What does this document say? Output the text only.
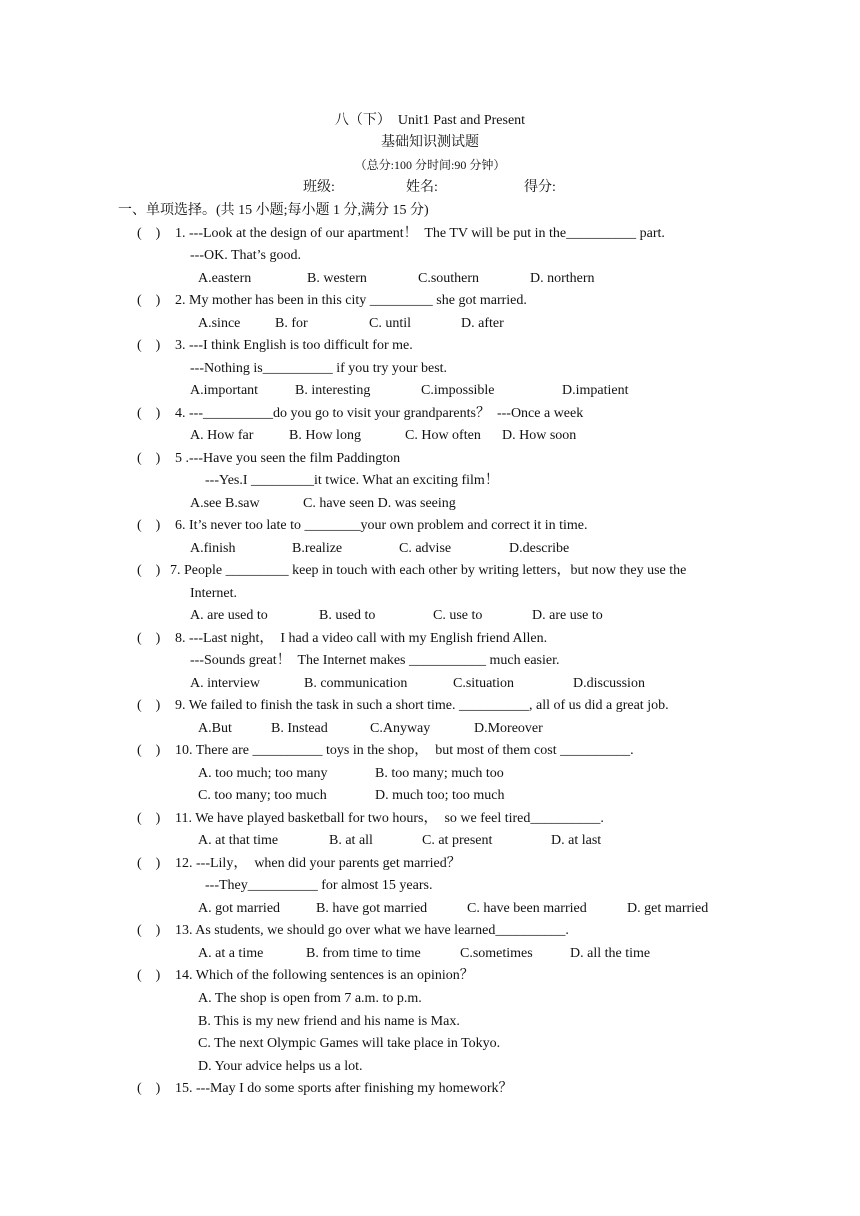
八（下）  Unit1 Past and Present
基础知识测试题
（总分:100 分时间:90 分钟）
班级:	姓名:	得分:
一、单项选择。(共 15 小题;每小题 1 分,满分 15 分)
(    ) 1. ---Look at the design of our apartment！  The TV will be put in the__________ part.
---OK. That’s good.
A.eastern	B. western	C.southern	D. northern
(    ) 2. My mother has been in this city _________ she got married.
A.since B. for	C. until	D. after
(    ) 3. ---I think English is too difficult for me.
---Nothing is__________ if you try your best.
A.important	B. interesting	C.impossible	D.impatient
(    ) 4. ---__________do you go to visit your grandparents？  ---Once a week
A. How far	B. How long	C. How often D. How soon
(    ) 5 .---Have you seen the film Paddington
---Yes.I _________it twice. What an exciting film！
A.see B.saw	C. have seen D. was seeing
(    ) 6. It’s never too late to ________your own problem and correct it in time.
A.finish	B.realize	C. advise	D.describe
(    ) 7. People _________ keep in touch with each other by writing letters，but now they use the
Internet.
A. are used to	B. used to	C. use to	D. are use to
(    ) 8. ---Last night，  I had a video call with my English friend Allen.
---Sounds great！  The Internet makes ___________ much easier.
A. interview	B. communication	C.situation	D.discussion
(    ) 9. We failed to finish the task in such a short time. __________, all of us did a great job.
A.But	B. Instead	C.Anyway	D.Moreover
(    ) 10. There are __________ toys in the shop，  but most of them cost __________.
A. too much; too many	B. too many; much too
C. too many; too much	D. much too; too much
(    ) 11. We have played basketball for two hours，  so we feel tired__________.
A. at that time	B. at all	C. at present	D. at last
(    ) 12. ---Lily，  when did your parents get married？
---They__________ for almost 15 years.
A. got married	B. have got married	C. have been married	D. get married
(    ) 13. As students, we should go over what we have learned__________.
A. at a time	B. from time to time	C.sometimes	D. all the time
(    ) 14. Which of the following sentences is an opinion？
A. The shop is open from 7 a.m. to p.m.
B. This is my new friend and his name is Max.
C. The next Olympic Games will take place in Tokyo.
D. Your advice helps us a lot.
(    ) 15. ---May I do some sports after finishing my homework？
